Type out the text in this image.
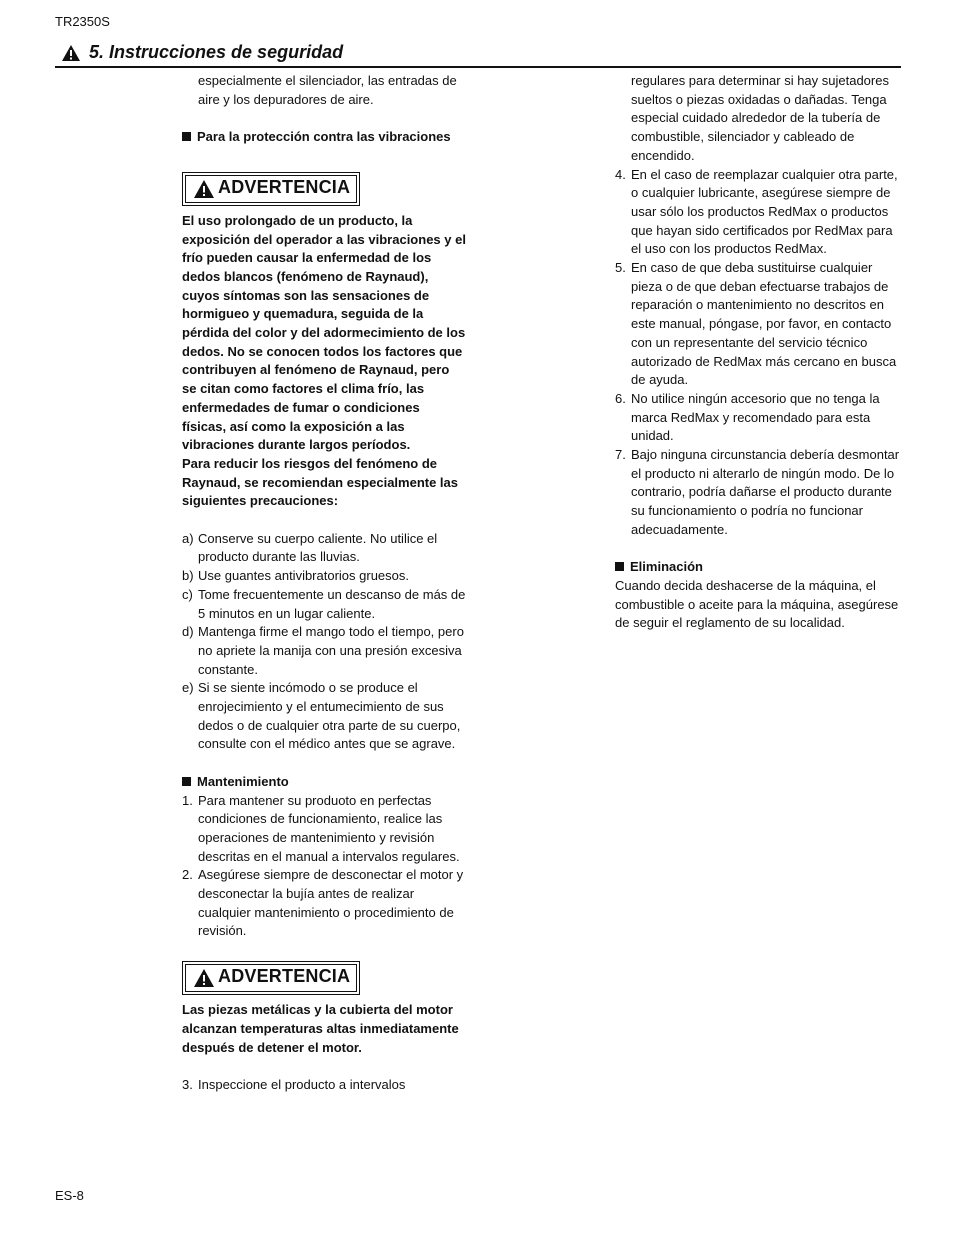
TR2350S
5. Instrucciones de seguridad

especialmente el silenciador, las entradas de aire y los depuradores de aire.

Para la protección contra las vibraciones

ADVERTENCIA

El uso prolongado de un producto, la exposición del operador a las vibraciones y el frío pueden causar la enfermedad de los dedos blancos (fenómeno de Raynaud), cuyos síntomas son las sensaciones de hormigueo y quemadura, seguida de la pérdida del color y del adormecimiento de los dedos. No se conocen todos los factores que contribuyen al fenómeno de Raynaud, pero se citan como factores el clima frío, las enfermedades de fumar o condiciones físicas, así como la exposición a las vibraciones durante largos períodos.

Para reducir los riesgos del fenómeno de Raynaud, se recomiendan especialmente las siguientes precauciones:

a) Conserve su cuerpo caliente. No utilice el producto durante las lluvias.
b) Use guantes antivibratorios gruesos.
c) Tome frecuentemente un descanso de más de 5 minutos en un lugar caliente.
d) Mantenga firme el mango todo el tiempo, pero no apriete la manija con una presión excesiva constante.
e) Si se siente incómodo o se produce el enrojecimiento y el entumecimiento de sus dedos o de cualquier otra parte de su cuerpo, consulte con el médico antes que se agrave.

Mantenimiento

1. Para mantener su produoto en perfectas condiciones de funcionamiento, realice las operaciones de mantenimiento y revisión descritas en el manual a intervalos regulares.
2. Asegúrese siempre de desconectar el motor y desconectar la bujía antes de realizar cualquier mantenimiento o procedimiento de revisión.
ADVERTENCIA

Las piezas metálicas y la cubierta del motor alcanzan temperaturas altas inmediatamente después de detener el motor.

3. Inspeccione el producto a intervalos

regulares para determinar si hay sujetadores sueltos o piezas oxidadas o dañadas. Tenga especial cuidado alrededor de la tubería de combustible, silenciador y cableado de encendido.

4. En el caso de reemplazar cualquier otra parte, o cualquier lubricante, asegúrese siempre de usar sólo los productos RedMax o productos que hayan sido certificados por RedMax para el uso con los productos RedMax.
5. En caso de que deba sustituirse cualquier pieza o de que deban efectuarse trabajos de reparación o mantenimiento no descritos en este manual, póngase, por favor, en contacto con un representante del servicio técnico autorizado de RedMax más cercano en busca de ayuda.
6. No utilice ningún accesorio que no tenga la marca RedMax y recomendado para esta unidad.
7. Bajo ninguna circunstancia debería desmontar el producto ni alterarlo de ningún modo. De lo contrario, podría dañarse el producto durante su funcionamiento o podría no funcionar adecuadamente.

Eliminación

Cuando decida deshacerse de la máquina, el combustible o aceite para la máquina, asegúrese de seguir el reglamento de su localidad.

ES-8
